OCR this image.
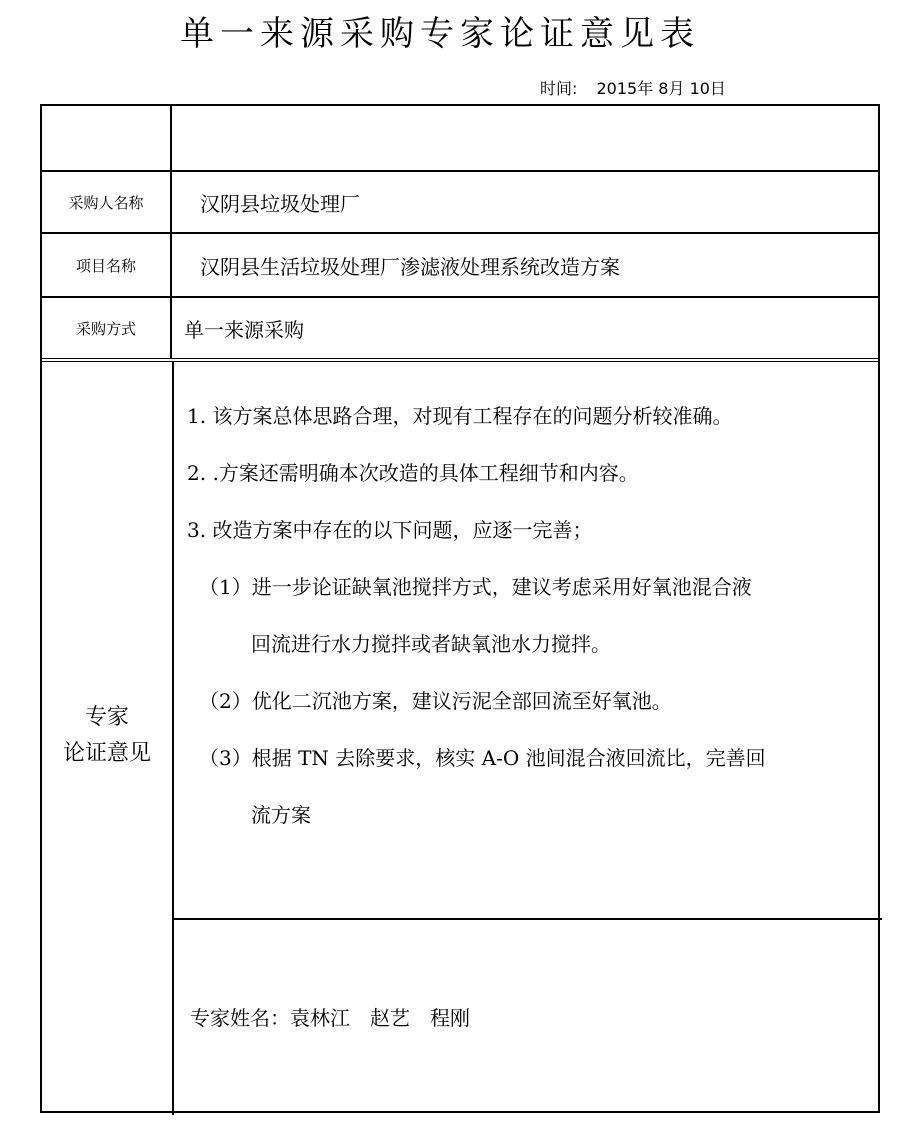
单一来源采购专家论证意见表
时间: 2015年 8月 10日
采购人名称	汉阴县垃圾处理厂
项目名称	汉阴县生活垃圾处理厂渗滤液处理系统改造方案
采购方式	单一来源采购
专家
论证意见
1. 该方案总体思路合理，对现有工程存在的问题分析较准确。
2. .方案还需明确本次改造的具体工程细节和内容。
3. 改造方案中存在的以下问题，应逐一完善；
（1）进一步论证缺氧池搅拌方式，建议考虑采用好氧池混合液
回流进行水力搅拌或者缺氧池水力搅拌。
（2）优化二沉池方案，建议污泥全部回流至好氧池。
（3）根据 TN 去除要求，核实 A-O 池间混合液回流比，完善回
流方案
专家姓名：袁林江　赵艺　程刚
